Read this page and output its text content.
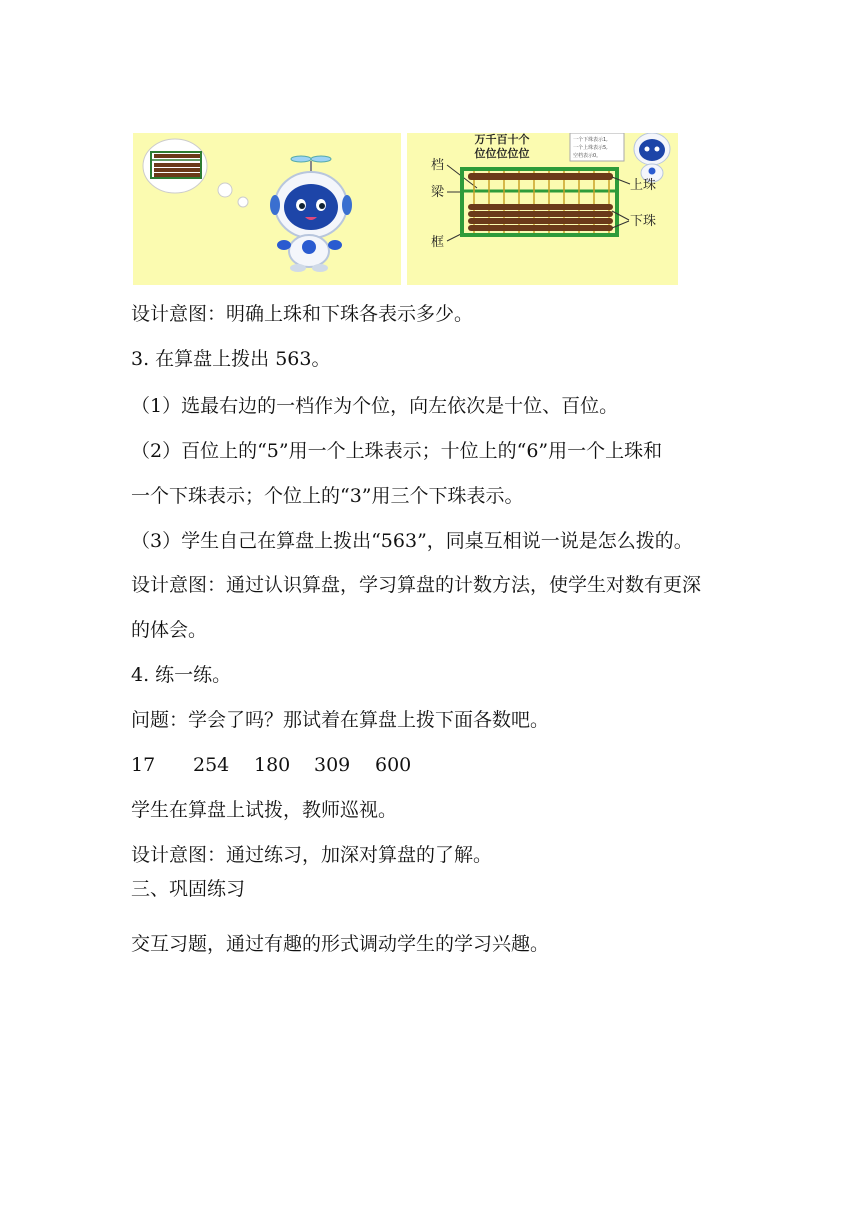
万千百十个
位位位位位
一个下珠表示1,
一个上珠表示5,
空档表示0。
档
梁
框
上珠
下珠
设计意图：明确上珠和下珠各表示多少。
3. 在算盘上拨出 563。
（1）选最右边的一档作为个位，向左依次是十位、百位。
（2）百位上的“5”用一个上珠表示；十位上的“6”用一个上珠和
一个下珠表示；个位上的“3”用三个下珠表示。
（3）学生自己在算盘上拨出“563”，同桌互相说一说是怎么拨的。
设计意图：通过认识算盘，学习算盘的计数方法，使学生对数有更深
的体会。
4. 练一练。
问题：学会了吗？那试着在算盘上拨下面各数吧。
17 254 180 309 600
学生在算盘上试拨，教师巡视。
设计意图：通过练习，加深对算盘的了解。
三、巩固练习
交互习题，通过有趣的形式调动学生的学习兴趣。
